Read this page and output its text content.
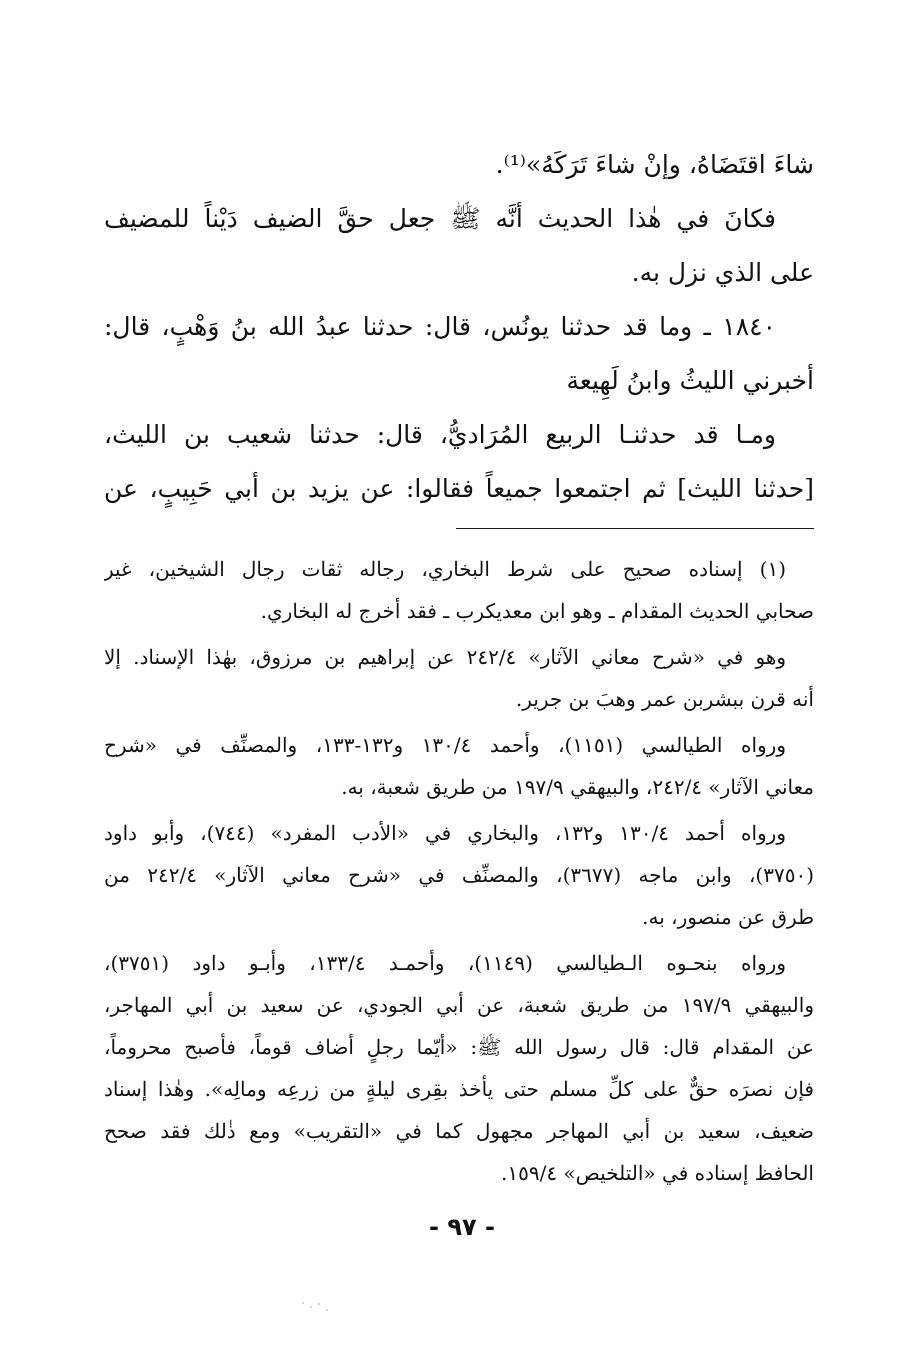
شاءَ اقتَضَاهُ، وإنْ شاءَ تَرَكَهُ»⁽¹⁾.
فكانَ في هٰذا الحديث أنَّه ﷺ جعل حقَّ الضيف دَيْناً للمضيف
على الذي نزل به.
١٨٤٠ ـ وما قد حدثنا يونُس، قال: حدثنا عبدُ الله بنُ وَهْبٍ، قال:
أخبرني الليثُ وابنُ لَهِيعة
ومـا قد حدثنـا الربيع المُرَاديُّ، قال: حدثنا شعيب بن الليث،
[حدثنا الليث] ثم اجتمعوا جميعاً فقالوا: عن يزيد بن أبي حَبِيبٍ، عن
(١) إسناده صحيح على شرط البخاري، رجاله ثقات رجال الشيخين، غير
صحابي الحديث المقدام ـ وهو ابن معديكرب ـ فقد أخرج له البخاري.
وهو في «شرح معاني الآثار» ٢٤٢/٤ عن إبراهيم بن مرزوق، بهٰذا الإسناد. إلا
أنه قرن ببشربن عمر وهبَ بن جرير.
ورواه الطيالسي (١١٥١)، وأحمد ١٣٠/٤ و١٣٢-١٣٣، والمصنِّف في «شرح
معاني الآثار» ٢٤٢/٤، والبيهقي ١٩٧/٩ من طريق شعبة، به.
ورواه أحمد ١٣٠/٤ و١٣٢، والبخاري في «الأدب المفرد» (٧٤٤)، وأبو داود
(٣٧٥٠)، وابن ماجه (٣٦٧٧)، والمصنِّف في «شرح معاني الآثار» ٢٤٢/٤ من
طرق عن منصور، به.
ورواه بنحـوه الـطيالسي (١١٤٩)، وأحمـد ١٣٣/٤، وأبـو داود (٣٧٥١)،
والبيهقي ١٩٧/٩ من طريق شعبة، عن أبي الجودي، عن سعيد بن أبي المهاجر،
عن المقدام قال: قال رسول الله ﷺ: «أيّما رجلٍ أضاف قوماً، فأصبح محروماً،
فإن نصرَه حقٌّ على كلِّ مسلم حتى يأخذ بقِرى ليلةٍ من زرعِه ومالِه». وهٰذا إسناد
ضعيف، سعيد بن أبي المهاجر مجهول كما في «التقريب» ومع ذٰلك فقد صحح
الحافظ إسناده في «التلخيص» ١٥٩/٤.
- ٩٧ -
